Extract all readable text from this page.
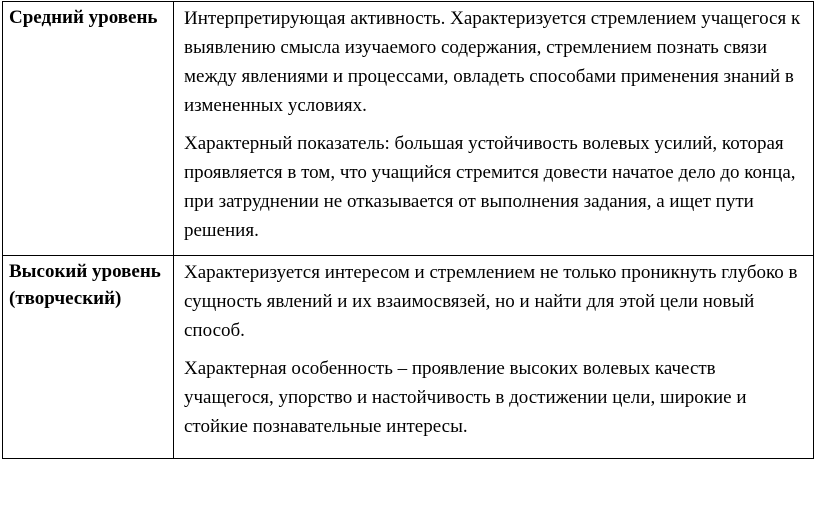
Средний уровень	Интерпретирующая активность. Характеризуется стремлением учащегося к выявлению смысла изучаемого содержания, стремлением познать связи между явлениями и процессами, овладеть способами применения знаний в измененных условиях.

Характерный показатель: большая устойчивость волевых усилий, которая проявляется в том, что учащийся стремится довести начатое дело до конца, при затруднении не отказывается от выполнения задания, а ищет пути решения.

Высокий уровень (творческий)	Характеризуется интересом и стремлением не только проникнуть глубоко в сущность явлений и их взаимосвязей, но и найти для этой цели новый способ.

Характерная особенность – проявление высоких волевых качеств учащегося, упорство и настойчивость в достижении цели, широкие и стойкие познавательные интересы.
